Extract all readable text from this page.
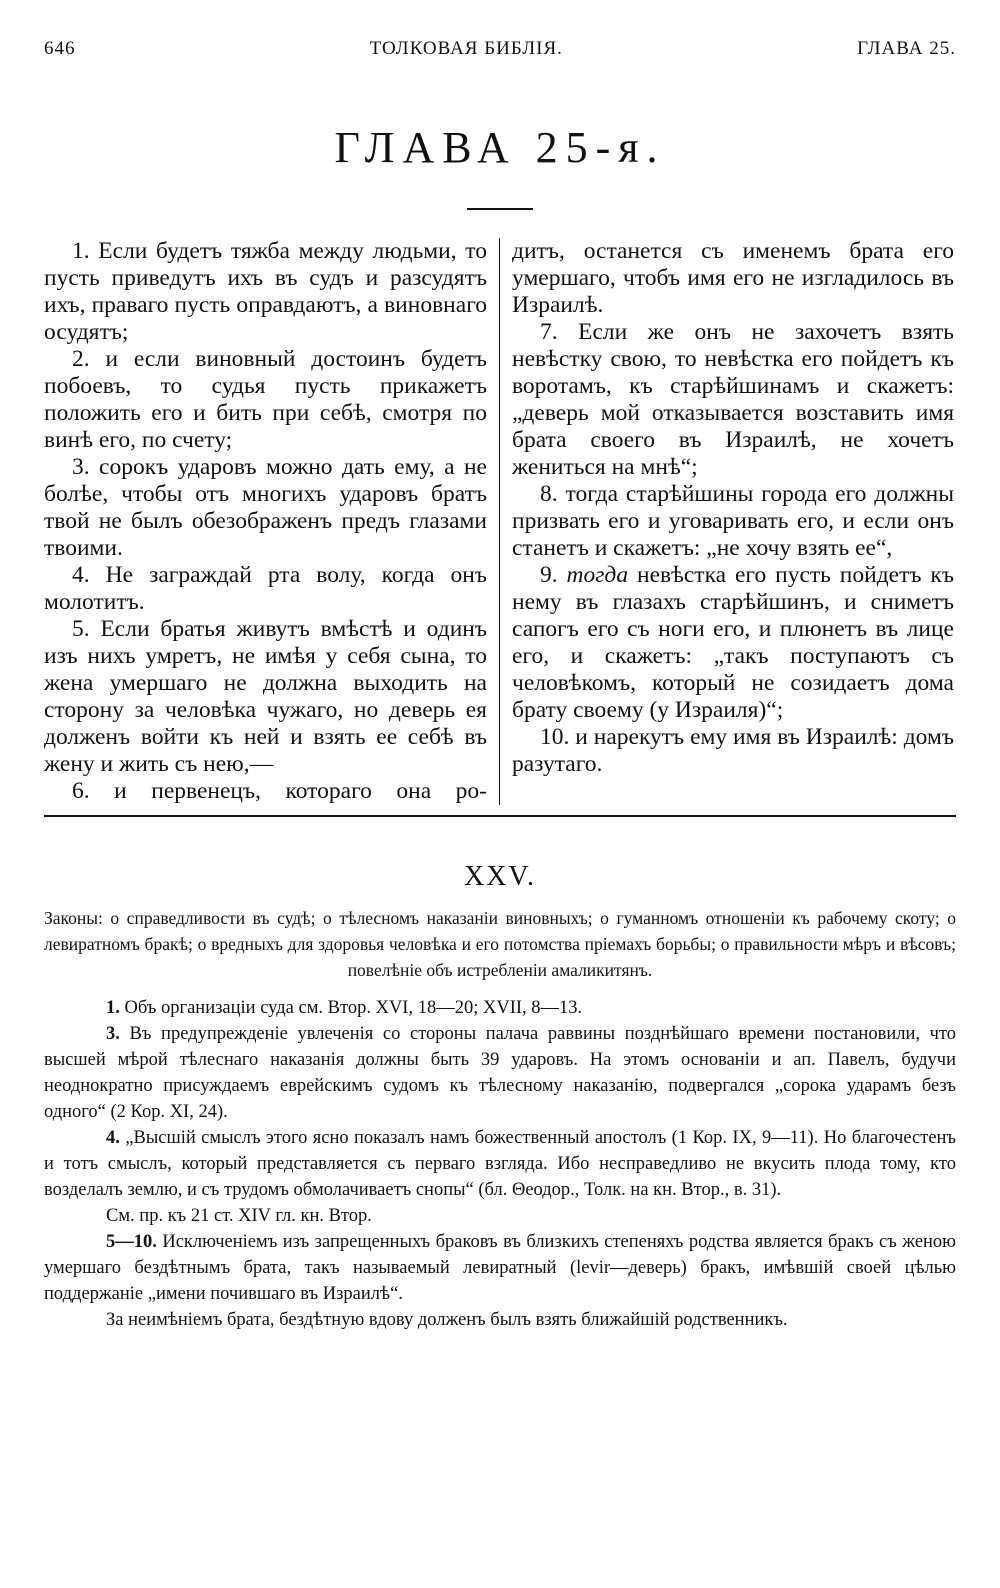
646	ТОЛКОВАЯ БИБЛІЯ.	ГЛАВА 25.
ГЛАВА 25-я.

1. Если будетъ тяжба между людьми, то пусть приведутъ ихъ въ судъ и разсудятъ ихъ, праваго пусть оправдаютъ, а виновнаго осудятъ;

2. и если виновный достоинъ будетъ побоевъ, то судья пусть прикажетъ положить его и бить при себѣ, смотря по винѣ его, по счету;

3. сорокъ ударовъ можно дать ему, а не болѣе, чтобы отъ многихъ ударовъ братъ твой не былъ обезображенъ предъ глазами твоими.

4. Не заграждай рта волу, когда онъ молотитъ.

5. Если братья живутъ вмѣстѣ и одинъ изъ нихъ умретъ, не имѣя у себя сына, то жена умершаго не должна выходить на сторону за человѣка чужаго, но деверь ея долженъ войти къ ней и взять ее себѣ въ жену и жить съ нею,—

6. и первенецъ, котораго она ро-

дитъ, останется съ именемъ брата его умершаго, чтобъ имя его не изгладилось въ Израилѣ.

7. Если же онъ не захочетъ взять невѣстку свою, то невѣстка его пойдетъ къ воротамъ, къ старѣйшинамъ и скажетъ: „деверь мой отказывается возставить имя брата своего въ Израилѣ, не хочетъ жениться на мнѣ“;

8. тогда старѣйшины города его должны призвать его и уговаривать его, и если онъ станетъ и скажетъ: „не хочу взять ее“,

9. тогда невѣстка его пусть пойдетъ къ нему въ глазахъ старѣйшинъ, и сниметъ сапогъ его съ ноги его, и плюнетъ въ лице его, и скажетъ: „такъ поступаютъ съ человѣкомъ, который не созидаетъ дома брату своему (у Израиля)“;

10. и нарекутъ ему имя въ Израилѣ: домъ разутаго.

XXV.
Законы: о справедливости въ судѣ; о тѣлесномъ наказаніи виновныхъ; о гуманномъ отношеніи къ рабочему скоту; о левиратномъ бракѣ; о вредныхъ для здоровья человѣка и его потомства пріемахъ борьбы; о правильности мѣръ и вѣсовъ; повелѣніе объ истребленіи амаликитянъ.

1. Объ организаціи суда см. Втор. XVI, 18—20; XVII, 8—13.

3. Въ предупрежденіе увлеченія со стороны палача раввины позднѣйшаго времени постановили, что высшей мѣрой тѣлеснаго наказанія должны быть 39 ударовъ. На этомъ основаніи и ап. Павелъ, будучи неоднократно присуждаемъ еврейскимъ судомъ къ тѣлесному наказанію, подвергался „сорока ударамъ безъ одного“ (2 Кор. XI, 24).

4. „Высшій смыслъ этого ясно показалъ намъ божественный апостолъ (1 Кор. IX, 9—11). Но благочестенъ и тотъ смыслъ, который представляется съ перваго взгляда. Ибо несправедливо не вкусить плода тому, кто возделалъ землю, и съ трудомъ обмолачиваетъ снопы“ (бл. Θеодор., Толк. на кн. Втор., в. 31).

См. пр. къ 21 ст. XIV гл. кн. Втор.

5—10. Исключеніемъ изъ запрещенныхъ браковъ въ близкихъ степеняхъ родства является бракъ съ женою умершаго бездѣтнымъ брата, такъ называемый левиратный (levir—деверь) бракъ, имѣвшій своей цѣлью поддержаніе „имени почившаго въ Израилѣ“.

За неимѣніемъ брата, бездѣтную вдову долженъ былъ взять ближайшій родственникъ.
